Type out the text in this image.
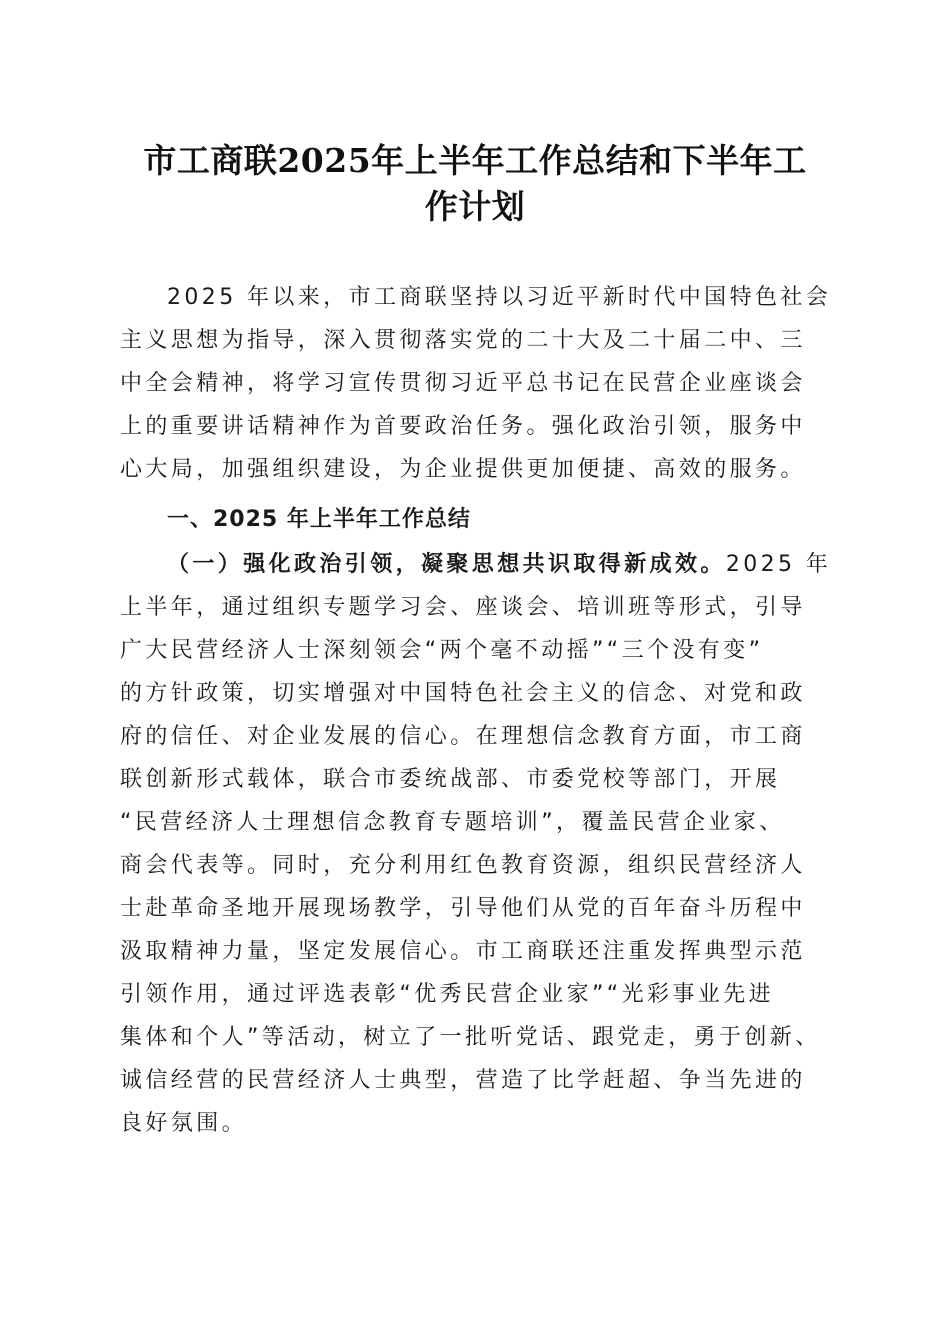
市工商联2025年上半年工作总结和下半年工
作计划

2025 年以来，市工商联坚持以习近平新时代中国特色社会

主义思想为指导，深入贯彻落实党的二十大及二十届二中、三

中全会精神，将学习宣传贯彻习近平总书记在民营企业座谈会

上的重要讲话精神作为首要政治任务。强化政治引领，服务中

心大局，加强组织建设，为企业提供更加便捷、高效的服务。

一、2025 年上半年工作总结

（一）强化政治引领，凝聚思想共识取得新成效。2025 年

上半年，通过组织专题学习会、座谈会、培训班等形式，引导

广大民营经济人士深刻领会“两个毫不动摇”“三个没有变”

的方针政策，切实增强对中国特色社会主义的信念、对党和政

府的信任、对企业发展的信心。在理想信念教育方面，市工商

联创新形式载体，联合市委统战部、市委党校等部门，开展

“民营经济人士理想信念教育专题培训”，覆盖民营企业家、

商会代表等。同时，充分利用红色教育资源，组织民营经济人

士赴革命圣地开展现场教学，引导他们从党的百年奋斗历程中

汲取精神力量，坚定发展信心。市工商联还注重发挥典型示范

引领作用，通过评选表彰“优秀民营企业家”“光彩事业先进

集体和个人”等活动，树立了一批听党话、跟党走，勇于创新、

诚信经营的民营经济人士典型，营造了比学赶超、争当先进的

良好氛围。
